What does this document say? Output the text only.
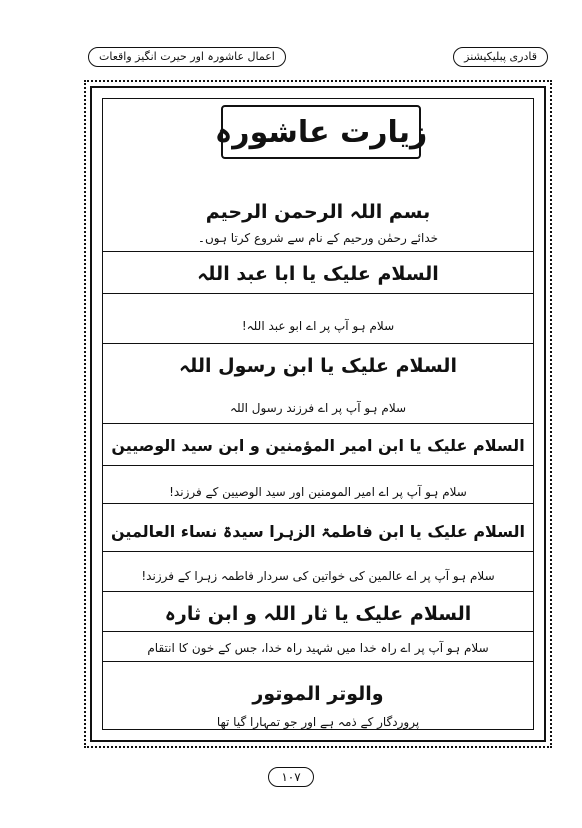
اعمال عاشورہ اور حیرت انگیز واقعات	قادری پبلیکیشنز
زیارت عاشورہ
بسم اللہ الرحمن الرحیم
خدائے رحمٰن ورحیم کے نام سے شروع کرتا ہوں۔
السلام علیک یا ابا عبد اللہ
سلام ہو آپ پر اے ابو عبد اللہ!
السلام علیک یا ابن رسول اللہ
سلام ہو آپ پر اے فرزند رسول اللہ
السلام علیک یا ابن امیر المؤمنین و ابن سید الوصیین
سلام ہو آپ پر اے امیر المومنین اور سید الوصیین کے فرزند!
السلام علیک یا ابن فاطمۃ الزہرا سیدۃ نساء العالمین
سلام ہو آپ پر اے عالمین کی خواتین کی سردار فاطمہ زہرا کے فرزند!
السلام علیک یا ثار اللہ و ابن ثارہ
سلام ہو آپ پر اے راہ خدا میں شہید راہ خدا، جس کے خون کا انتقام
والوتر الموتور
پروردگار کے ذمہ ہے اور جو تمہارا گیا تھا
۱۰۷
